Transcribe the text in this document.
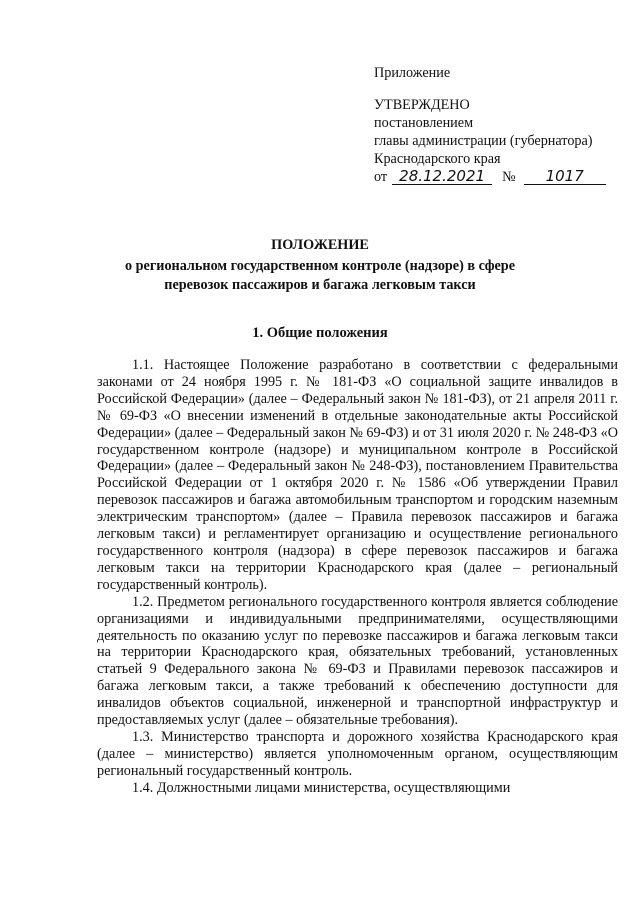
Приложение
УТВЕРЖДЕНО
постановлением
главы администрации (губернатора)
Краснодарского края
от 28.12.2021	№	1017
ПОЛОЖЕНИЕ
о региональном государственном контроле (надзоре) в сфере
перевозок пассажиров и багажа легковым такси
1. Общие положения

1.1. Настоящее Положение разработано в соответствии с федеральными законами от 24 ноября 1995 г. № 181-ФЗ «О социальной защите инвалидов в Российской Федерации» (далее – Федеральный закон № 181-ФЗ), от 21 апреля 2011 г. № 69-ФЗ «О внесении изменений в отдельные законодательные акты Российской Федерации» (далее – Федеральный закон № 69-ФЗ) и от 31 июля 2020 г. № 248-ФЗ «О государственном контроле (надзоре) и муниципальном контроле в Российской Федерации» (далее – Федеральный закон № 248-ФЗ), постановлением Правительства Российской Федерации от 1 октября 2020 г. № 1586 «Об утверждении Правил перевозок пассажиров и багажа автомобильным транспортом и городским наземным электрическим транспортом» (далее – Правила перевозок пассажиров и багажа легковым такси) и регламентирует организацию и осуществление регионального государственного контроля (надзора) в сфере перевозок пассажиров и багажа легковым такси на территории Краснодарского края (далее – региональный государственный контроль).

1.2. Предметом регионального государственного контроля является соблюдение организациями и индивидуальными предпринимателями, осуществляющими деятельность по оказанию услуг по перевозке пассажиров и багажа легковым такси на территории Краснодарского края, обязательных требований, установленных статьей 9 Федерального закона № 69-ФЗ и Правилами перевозок пассажиров и багажа легковым такси, а также требований к обеспечению доступности для инвалидов объектов социальной, инженерной и транспортной инфраструктур и предоставляемых услуг (далее – обязательные требования).

1.3. Министерство транспорта и дорожного хозяйства Краснодарского края (далее – министерство) является уполномоченным органом, осуществляющим региональный государственный контроль.

1.4. Должностными лицами министерства, осуществляющими
